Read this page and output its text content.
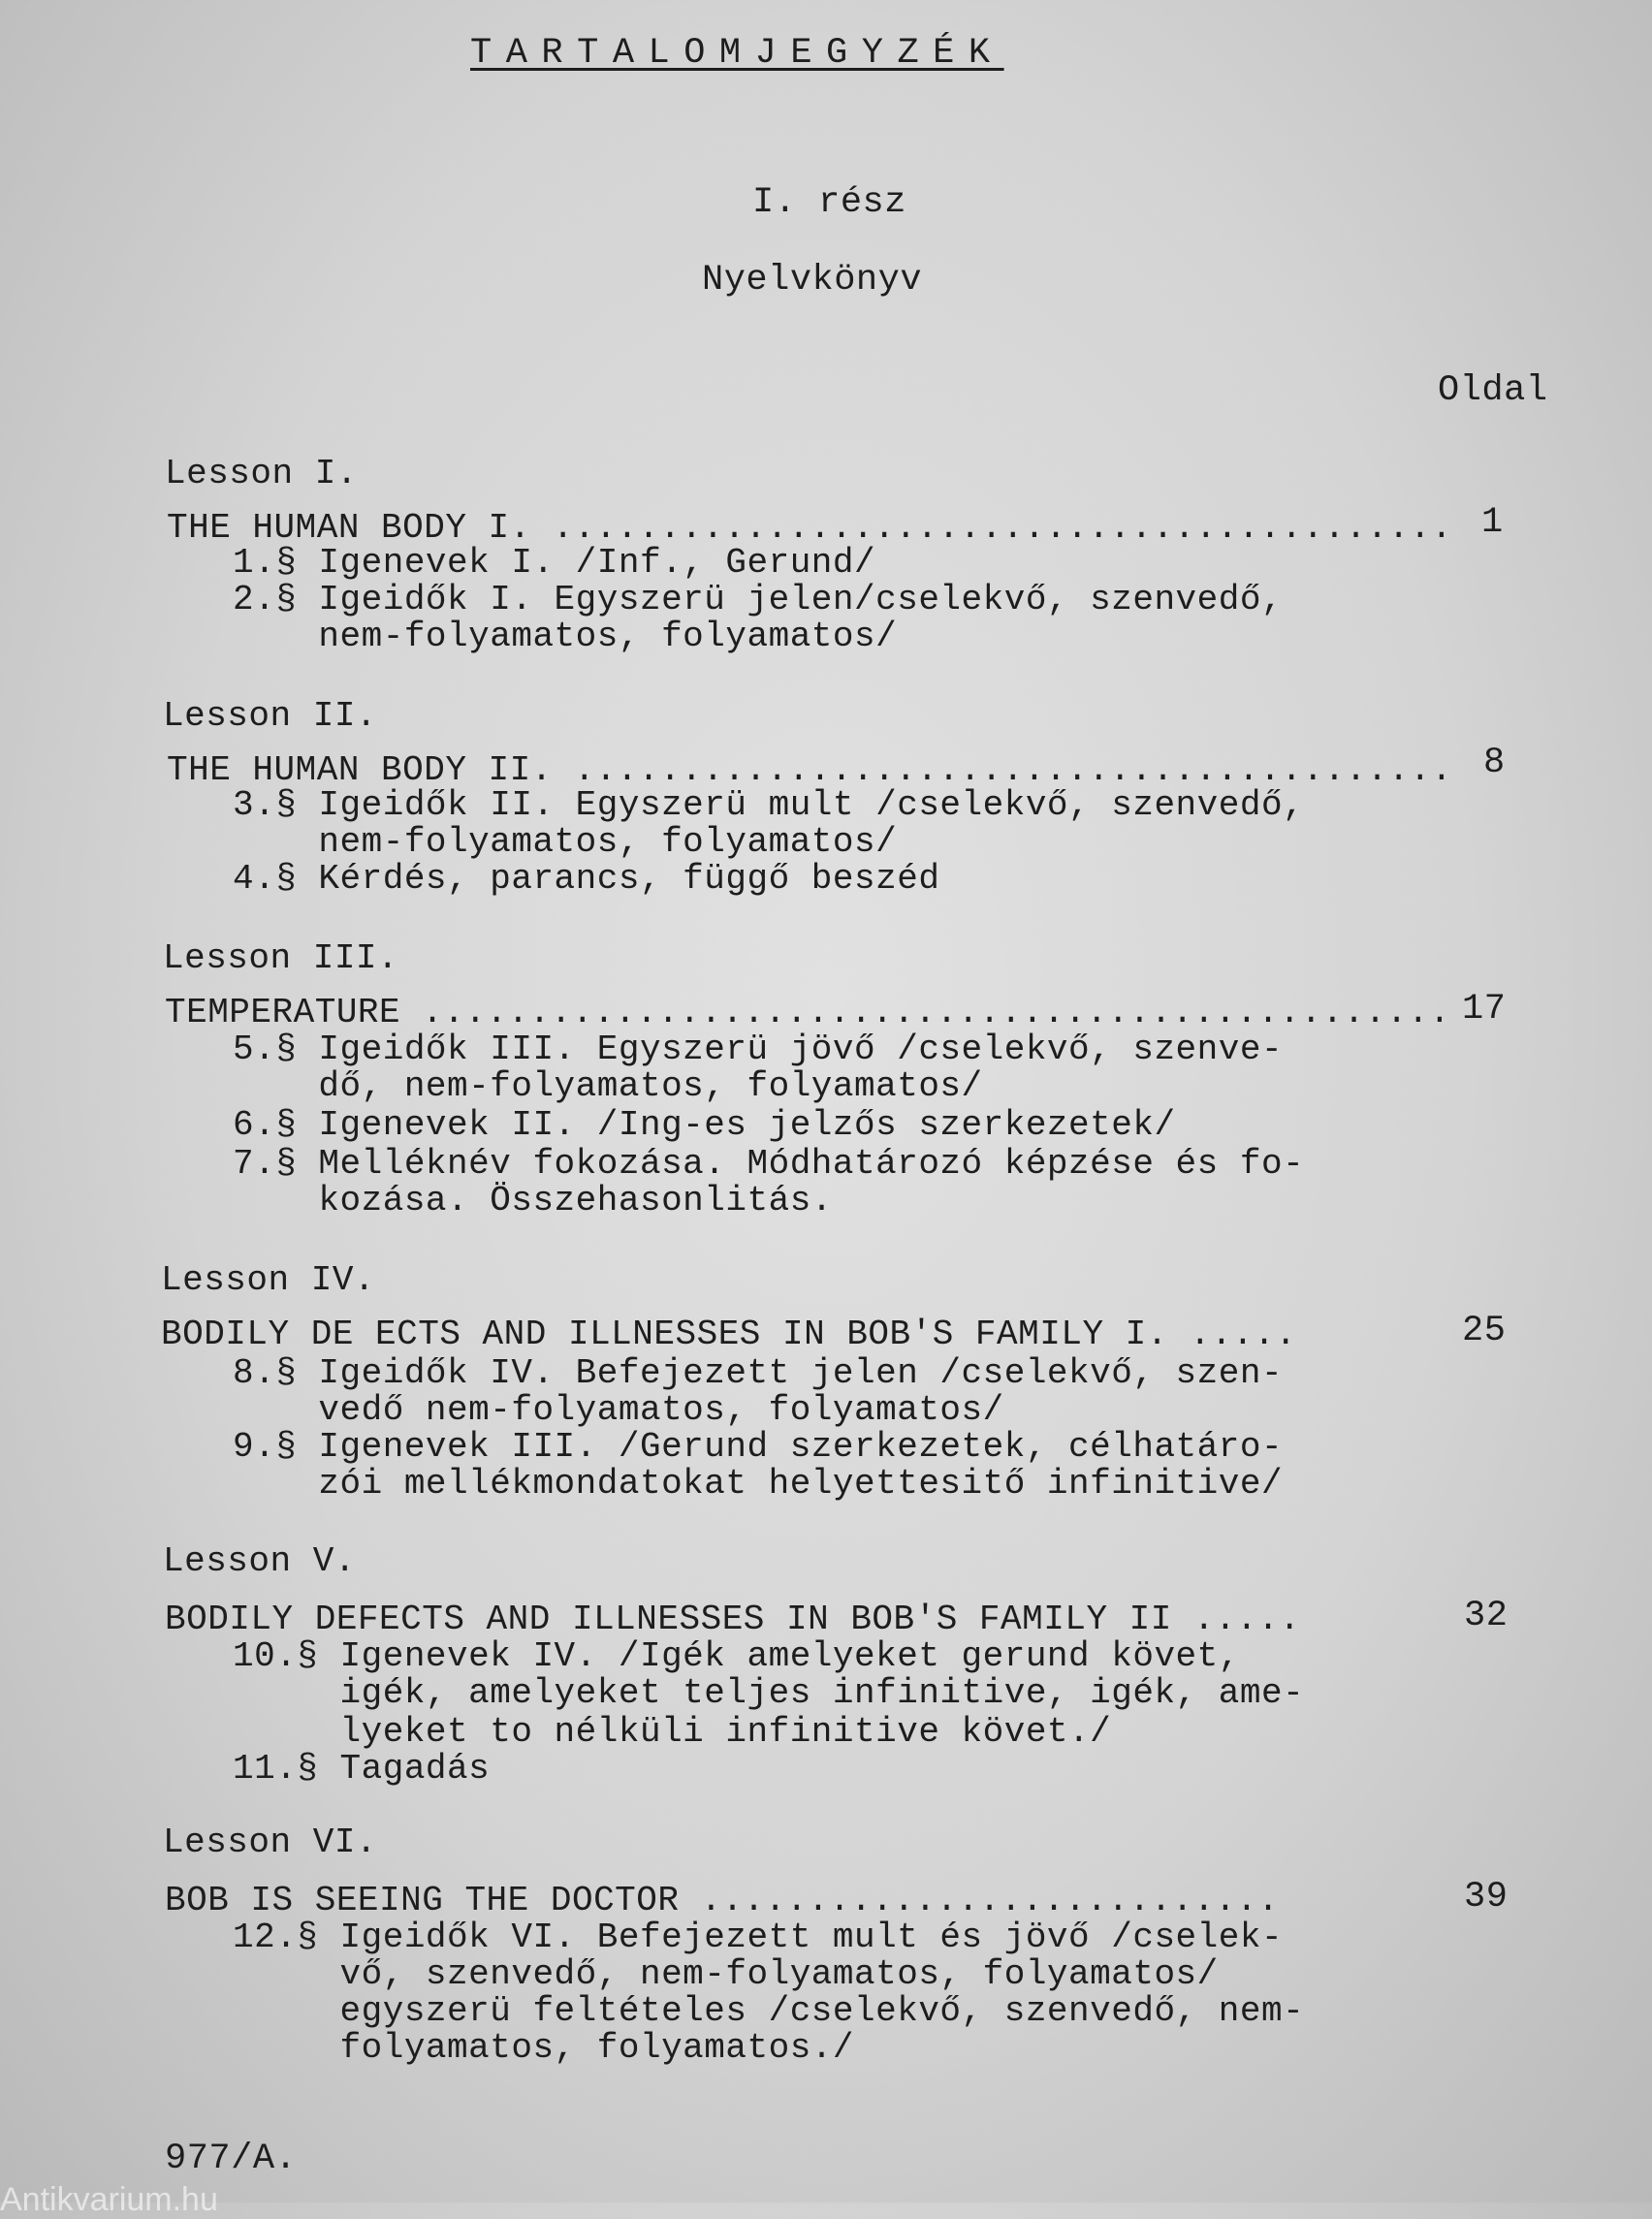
TARTALOMJEGYZÉK
I. rész
Nyelvkönyv
Oldal
Lesson I.
THE HUMAN BODY I. .......................................... 1
1.§ Igenevek I. /Inf., Gerund/
2.§ Igeidők I. Egyszerü jelen/cselekvő, szenvedő,
nem-folyamatos, folyamatos/
Lesson II.
THE HUMAN BODY II. ......................................... 8
3.§ Igeidők II. Egyszerü mult /cselekvő, szenvedő,
nem-folyamatos, folyamatos/
4.§ Kérdés, parancs, függő beszéd
Lesson III.
TEMPERATURE ................................................ 17
5.§ Igeidők III. Egyszerü jövő /cselekvő, szenve-
dő, nem-folyamatos, folyamatos/
6.§ Igenevek II. /Ing-es jelzős szerkezetek/
7.§ Melléknév fokozása. Módhatározó képzése és fo-
kozása. Összehasonlitás.
Lesson IV.
BODILY DE ECTS AND ILLNESSES IN BOB'S FAMILY I. .....	25
8.§ Igeidők IV. Befejezett jelen /cselekvő, szen-
vedő nem-folyamatos, folyamatos/
9.§ Igenevek III. /Gerund szerkezetek, célhatáro-
zói mellékmondatokat helyettesitő infinitive/
Lesson V.
BODILY DEFECTS AND ILLNESSES IN BOB'S FAMILY II .....	32
10.§ Igenevek IV. /Igék amelyeket gerund követ,
igék, amelyeket teljes infinitive, igék, ame-
lyeket to nélküli infinitive követ./
11.§ Tagadás
Lesson VI.
BOB IS SEEING THE DOCTOR ...........................	39
12.§ Igeidők VI. Befejezett mult és jövő /cselek-
vő, szenvedő, nem-folyamatos, folyamatos/
egyszerü feltételes /cselekvő, szenvedő, nem-
folyamatos, folyamatos./
977/A.
Antikvarium.hu
